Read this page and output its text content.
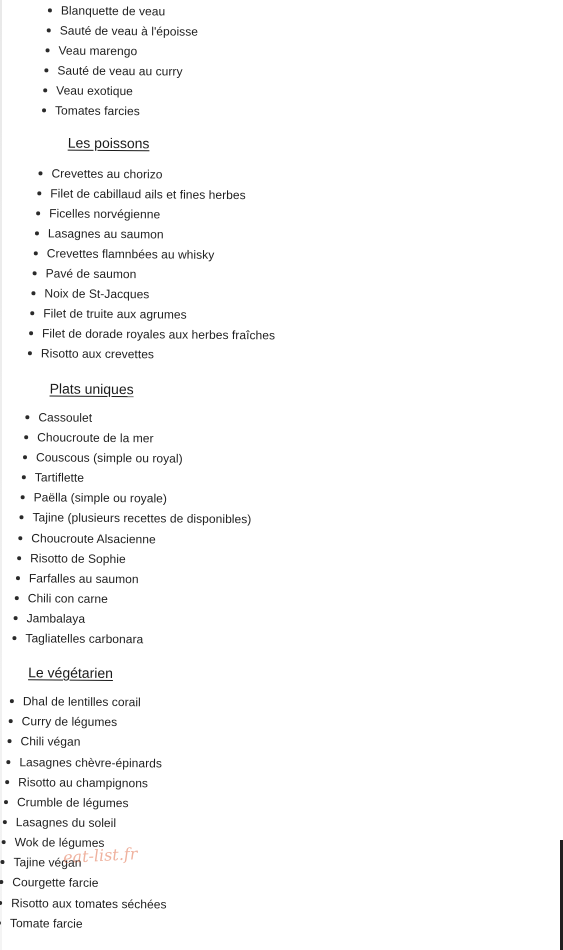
Blanquette de veau
Sauté de veau à l'époisse
Veau marengo
Sauté de veau au curry
Veau exotique
Tomates farcies
Les poissons
Crevettes au chorizo
Filet de cabillaud ails et fines herbes
Ficelles norvégienne
Lasagnes au saumon
Crevettes flamnbées au whisky
Pavé de saumon
Noix de St-Jacques
Filet de truite aux agrumes
Filet de dorade royales aux herbes fraîches
Risotto aux crevettes
Plats uniques
Cassoulet
Choucroute de la mer
Couscous (simple ou royal)
Tartiflette
Paëlla (simple ou royale)
Tajine (plusieurs recettes de disponibles)
Choucroute Alsacienne
Risotto de Sophie
Farfalles au saumon
Chili con carne
Jambalaya
Tagliatelles carbonara
Le végétarien
Dhal de lentilles corail
Curry de légumes
Chili végan
Lasagnes chèvre-épinards
Risotto au champignons
Crumble de légumes
Lasagnes du soleil
Wok de légumes
Tajine végan
Courgette farcie
Risotto aux tomates séchées
Tomate farcie
eat-list.fr
